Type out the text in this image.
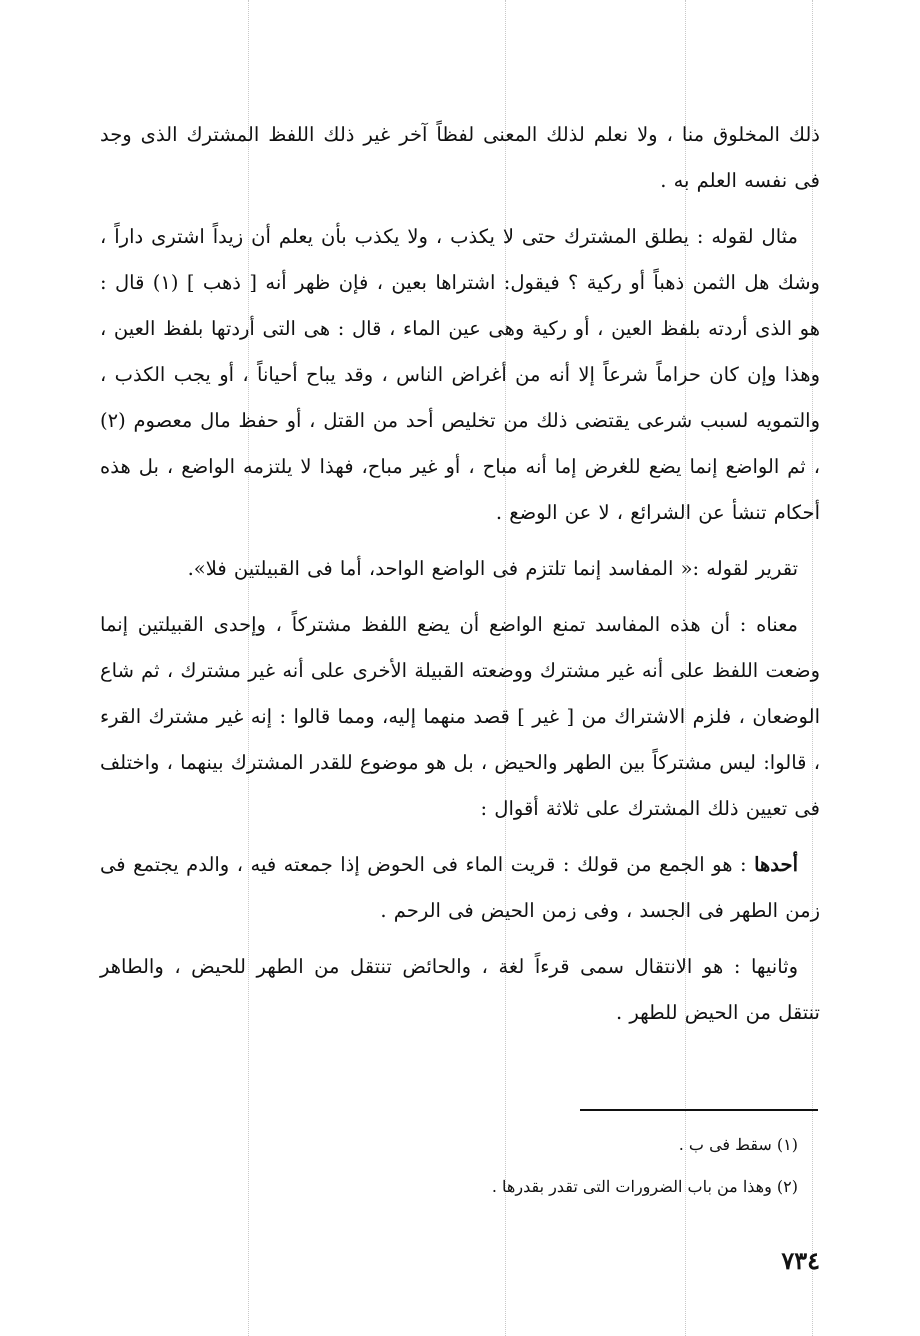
ذلك المخلوق منا ، ولا نعلم لذلك المعنى لفظاً آخر غير ذلك اللفظ المشترك الذى وجد فى نفسه العلم به .

مثال لقوله : يطلق المشترك حتى لا يكذب ، ولا يكذب بأن يعلم أن زيداً اشترى داراً ، وشك هل الثمن ذهباً أو ركية ؟ فيقول: اشتراها بعين ، فإن ظهر أنه [ ذهب ] (١) قال : هو الذى أردته بلفظ العين ، أو ركية وهى عين الماء ، قال : هى التى أردتها بلفظ العين ، وهذا وإن كان حراماً شرعاً إلا أنه من أغراض الناس ، وقد يباح أحياناً ، أو يجب الكذب ، والتمويه لسبب شرعى يقتضى ذلك من تخليص أحد من القتل ، أو حفظ مال معصوم (٢) ، ثم الواضع إنما يضع للغرض إما أنه مباح ، أو غير مباح، فهذا لا يلتزمه الواضع ، بل هذه أحكام تنشأ عن الشرائع ، لا عن الوضع .

تقرير لقوله :« المفاسد إنما تلتزم فى الواضع الواحد، أما فى القبيلتين فلا».

معناه : أن هذه المفاسد تمنع الواضع أن يضع اللفظ مشتركاً ، وإحدى القبيلتين إنما وضعت اللفظ على أنه غير مشترك ووضعته القبيلة الأخرى على أنه غير مشترك ، ثم شاع الوضعان ، فلزم الاشتراك من [ غير ] قصد منهما إليه، ومما قالوا : إنه غير مشترك القرء ، قالوا: ليس مشتركاً بين الطهر والحيض ، بل هو موضوع للقدر المشترك بينهما ، واختلف فى تعيين ذلك المشترك على ثلاثة أقوال :

أحدها : هو الجمع من قولك : قريت الماء فى الحوض إذا جمعته فيه ، والدم يجتمع فى زمن الطهر فى الجسد ، وفى زمن الحيض فى الرحم .

وثانيها : هو الانتقال سمى قرءاً لغة ، والحائض تنتقل من الطهر للحيض ، والطاهر تنتقل من الحيض للطهر .

(١) سقط فى ب .

(٢) وهذا من باب الضرورات التى تقدر بقدرها .

٧٣٤
